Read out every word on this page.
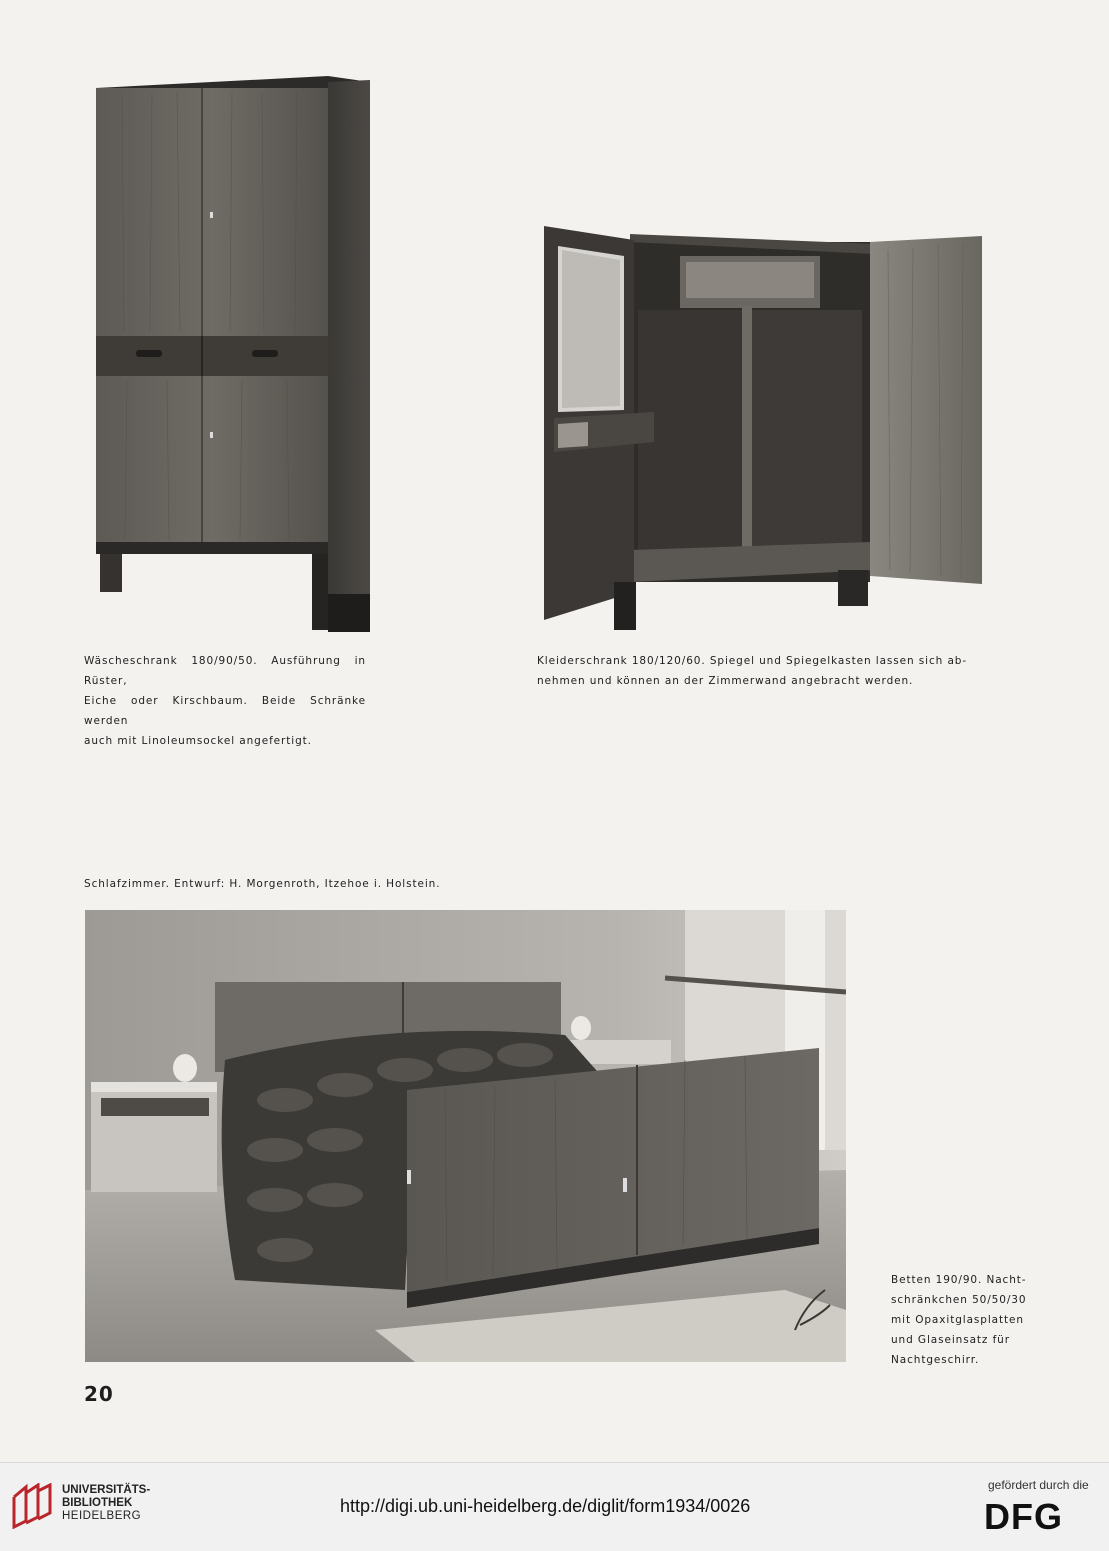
Wäscheschrank 180/90/50. Ausführung in Rüster,
Eiche oder Kirschbaum. Beide Schränke werden
auch mit Linoleumsockel angefertigt.
Kleiderschrank 180/120/60. Spiegel und Spiegelkasten lassen sich ab-
nehmen und können an der Zimmerwand angebracht werden.
Schlafzimmer. Entwurf: H. Morgenroth, Itzehoe i. Holstein.
Betten 190/90. Nacht-
schränkchen 50/50/30
mit Opaxitglasplatten
und Glaseinsatz für
Nachtgeschirr.
20
UNIVERSITÄTS-
BIBLIOTHEK
HEIDELBERG	http://digi.ub.uni-heidelberg.de/diglit/form1934/0026
gefördert durch die
DFG
